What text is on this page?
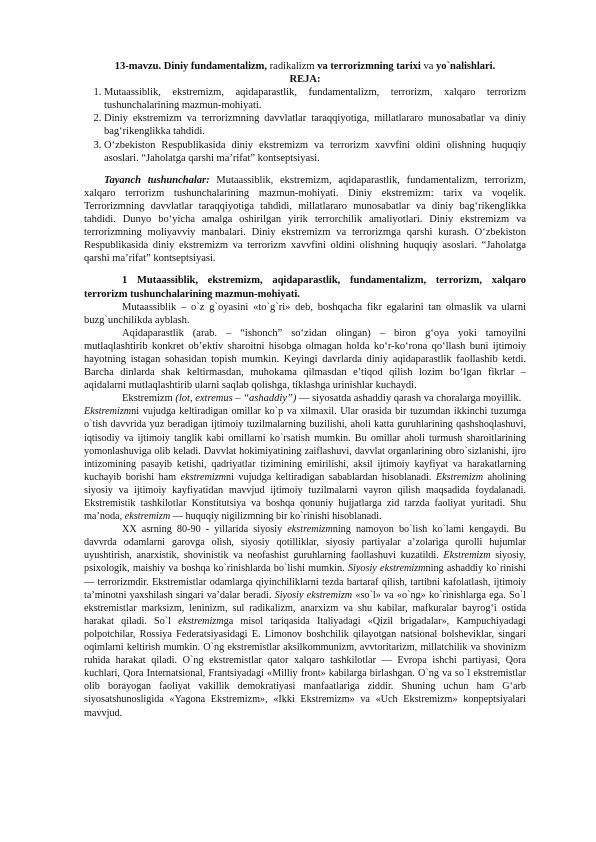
13-mavzu. Diniy fundamentalizm, radikalizm va terrorizmning tarixi va yo`nalishlari.

REJA:

1. Mutaassiblik, ekstremizm, aqidaparastlik, fundamentalizm, terrorizm, xalqaro terrorizm tushunchalarining mazmun-mohiyati.
2. Diniy ekstremizm va terrorizmning davvlatlar taraqqiyotiga, millatlararo munosabatlar va diniy bag‘rikenglikka tahdidi.
3. O‘zbekiston Respublikasida diniy ekstremizm va terrorizm xavvfini oldini olishning huquqiy asoslari. “Jaholatga qarshi ma’rifat” kontseptsiyasi.

Tayanch tushunchalar: Mutaassiblik, ekstremizm, aqidaparastlik, fundamentalizm, terrorizm, xalqaro terrorizm tushunchalarining mazmun-mohiyati. Diniy ekstremizm: tarix va voqelik. Terrorizmning davvlatlar taraqqiyotiga tahdidi, millatlararo munosabatlar va diniy bag‘rikenglikka tahdidi. Dunyo bo‘yicha amalga oshirilgan yirik terrorchilik amaliyotlari. Diniy ekstremizm va terrorizmning moliyavviy manbalari. Diniy ekstremizm va terrorizmga qarshi kurash. O‘zbekiston Respublikasida diniy ekstremizm va terrorizm xavvfini oldini olishning huquqiy asoslari. “Jaholatga qarshi ma’rifat” kontseptsiyasi.

1 Mutaassiblik, ekstremizm, aqidaparastlik, fundamentalizm, terrorizm, xalqaro terrorizm tushunchalarining mazmun-mohiyati.

Mutaassiblik – o`z g`oyasini «to`g`ri» deb, boshqacha fikr egalarini tan olmaslik va ularni buzg`unchilikda ayblash.

Aqidaparastlik (arab. – “ishonch” so‘zidan olingan) – biron g‘oya yoki tamoyilni mutlaqlashtirib konkret ob’ektiv sharoitni hisobga olmagan holda ko‘r-ko‘rona qo‘llash buni ijtimoiy hayotning istagan sohasidan topish mumkin. Keyingi davrlarda diniy aqidaparastlik faollashib ketdi. Barcha dinlarda shak keltirmasdan, muhokama qilmasdan e’tiqod qilish lozim bo‘lgan fikrlar – aqidalarni mutlaqlashtirib ularni saqlab qolishga, tiklashga urinishlar kuchaydi.

Ekstremizm (lot, extremus – “ashaddiy”) — siyosatda ashaddiy qarash va choralarga moyillik.

Ekstremizmni vujudga keltiradigan omillar ko`p va xilmaxil. Ular orasida bir tuzumdan ikkinchi tuzumga o`tish davvrida yuz beradigan ijtimoiy tuzilmalarning buzilishi, aholi katta guruhlarining qashshoqlashuvi, iqtisodiy va ijtimoiy tanglik kabi omillarni ko`rsatish mumkin. Bu omillar aholi turmush sharoitlarining yomonlashuviga olib keladi. Davvlat hokimiyatining zaiflashuvi, davvlat organlarining obro`sizlanishi, ijro intizomining pasayib ketishi, qadriyatlar tizimining emirilishi, aksil ijtimoiy kayfiyat va harakatlarning kuchayib borishi ham ekstremizmni vujudga keltiradigan sabablardan hisoblanadi. Ekstremizm aholining siyosiy va ijtimoiy kayfiyatidan mavvjud ijtimoiy tuzilmalarni vayron qilish maqsadida foydalanadi. Ekstremistik tashkilotlar Konstitutsiya va boshqa qonuniy hujjatlarga zid tarzda faoliyat yuritadi. Shu ma’noda, ekstremizm — huquqiy nigilizmning bir ko`rinishi hisoblanadi.

XX asrning 80-90 - yillarida siyosiy ekstremizmning namoyon bo`lish ko`lami kengaydi. Bu davvrda odamlarni garovga olish, siyosiy qotilliklar, siyosiy partiyalar a’zolariga qurolli hujumlar uyushtirish, anarxistik, shovinistik va neofashist guruhlarning faollashuvi kuzatildi. Ekstremizm siyosiy, psixologik, maishiy va boshqa ko`rinishlarda bo`lishi mumkin. Siyosiy ekstremizmning ashaddiy ko`rinishi — terrorizmdir. Ekstremistlar odamlarga qiyinchiliklarni tezda bartaraf qilish, tartibni kafolatlash, ijtimoiy ta’minotni yaxshilash singari va’dalar beradi. Siyosiy ekstremizm «so`l» va «o`ng» ko`rinishlarga ega. So`l ekstremistlar marksizm, leninizm, sul radikalizm, anarxizm va shu kabilar, mafkuralar bayrog‘i ostida harakat qiladi. So`l ekstremizmga misol tariqasida Italiyadagi «Qizil brigadalar», Kampuchiyadagi polpotchilar, Rossiya Federatsiyasidagi E. Limonov boshchilik qilayotgan natsional bolsheviklar, singari oqimlarni keltirish mumkin. O`ng ekstremistlar aksilkommunizm, avvtoritarizm, millatchilik va shovinizm ruhida harakat qiladi. O`ng ekstremistlar qator xalqaro tashkilotlar — Evropa ishchi partiyasi, Qora kuchlari, Qora Internatsional, Frantsiyadagi «Milliy front» kabilarga birlashgan. O`ng va so`l ekstremistlar olib borayogan faoliyat vakillik demokratiyasi manfaatlariga ziddir. Shuning uchun ham G‘arb siyosatshunosligida «Yagona Ekstremizm», «Ikki Ekstremizm» va «Uch Ekstremizm» konpeptsiyalari mavvjud.
